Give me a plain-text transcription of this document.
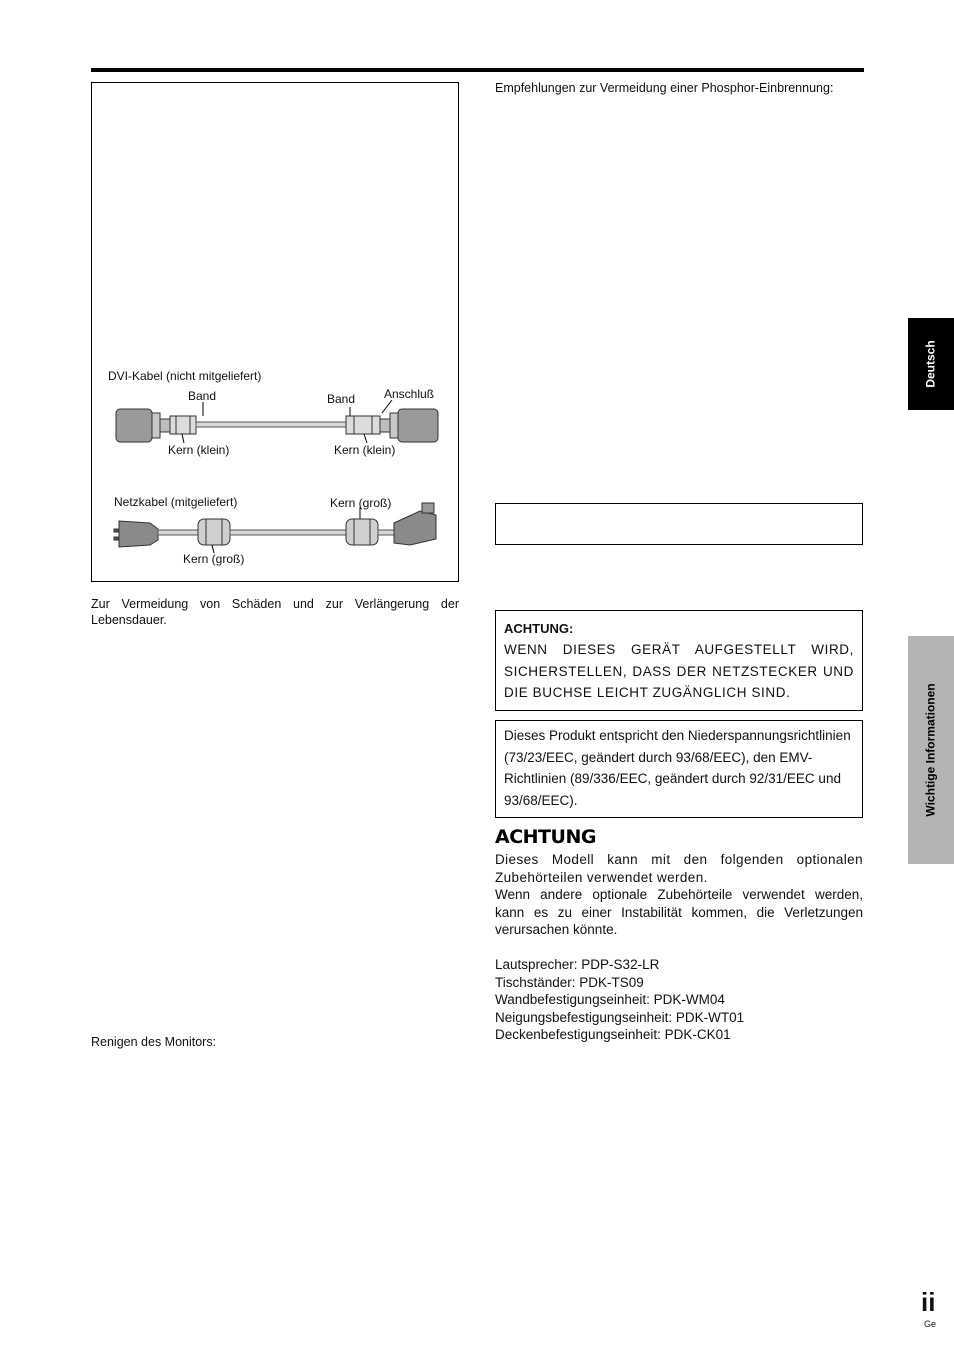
DVI-Kabel (nicht mitgeliefert)
Band	Band Anschluß
Kern (klein)	Kern (klein)
Netzkabel (mitgeliefert)	Kern (groß)
Kern (groß)
Zur Vermeidung von Schäden und zur Verlängerung der Lebensdauer.
Renigen des Monitors:
Empfehlungen zur Vermeidung einer Phosphor-Einbrennung:
ACHTUNG:
WENN DIESES GERÄT AUFGESTELLT WIRD, SICHERSTELLEN, DASS DER NETZSTECKER UND DIE BUCHSE LEICHT ZUGÄNGLICH SIND.
Dieses Produkt entspricht den Niederspannungsrichtlinien (73/23/EEC, geändert durch 93/68/EEC), den EMV-Richtlinien (89/336/EEC, geändert durch 92/31/EEC und 93/68/EEC).
ACHTUNG
Dieses Modell kann mit den folgenden optionalen Zubehörteilen verwendet werden.
Wenn andere optionale Zubehörteile verwendet werden, kann es zu einer Instabilität kommen, die Verletzungen verursachen könnte.
Lautsprecher: PDP-S32-LR
Tischständer: PDK-TS09
Wandbefestigungseinheit: PDK-WM04
Neigungsbefestigungseinheit: PDK-WT01
Deckenbefestigungseinheit: PDK-CK01
Deutsch
Wichtige Informationen
ii
Ge
